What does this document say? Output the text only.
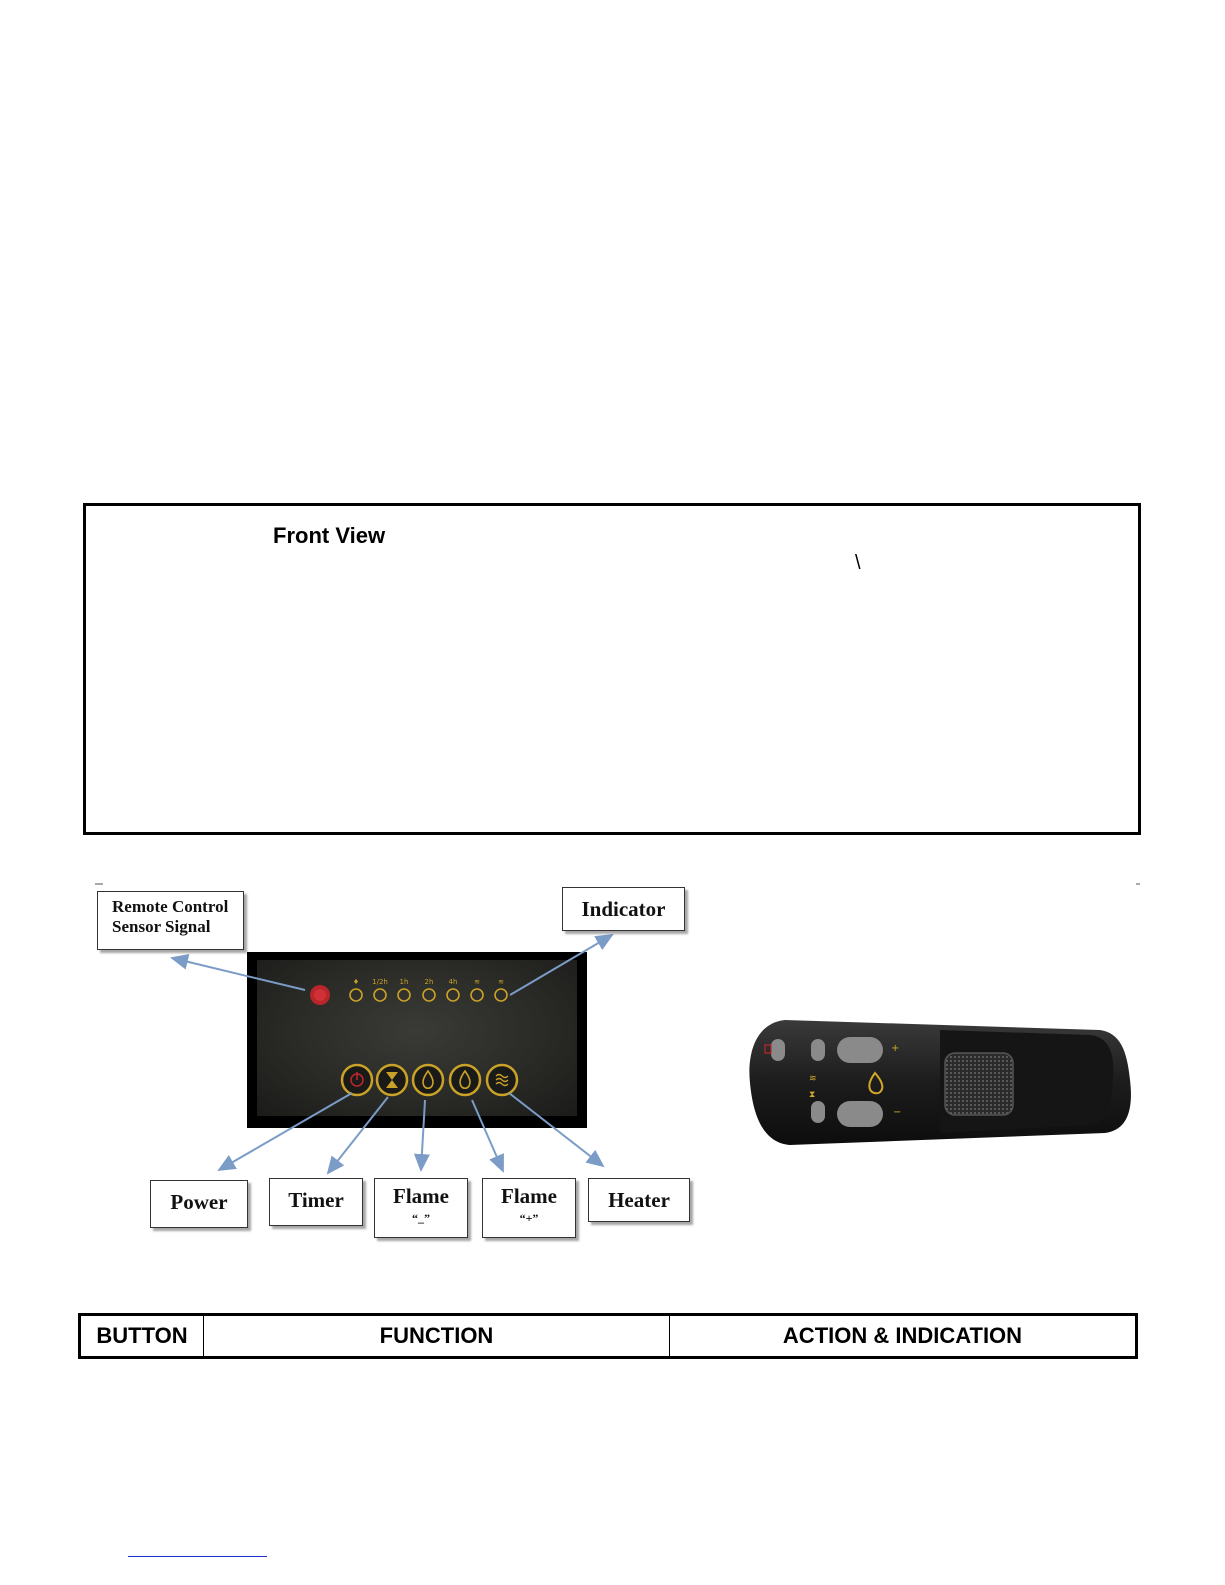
Front View
\
♦ 1/2h 1h 2h 4h ≋	≋
Remote Control
Sensor Signal
Indicator
Power	Timer	Flame
“_”
Flame
“+”
Heater
+
−
≋
⧗
BUTTON	FUNCTION	ACTION & INDICATION
